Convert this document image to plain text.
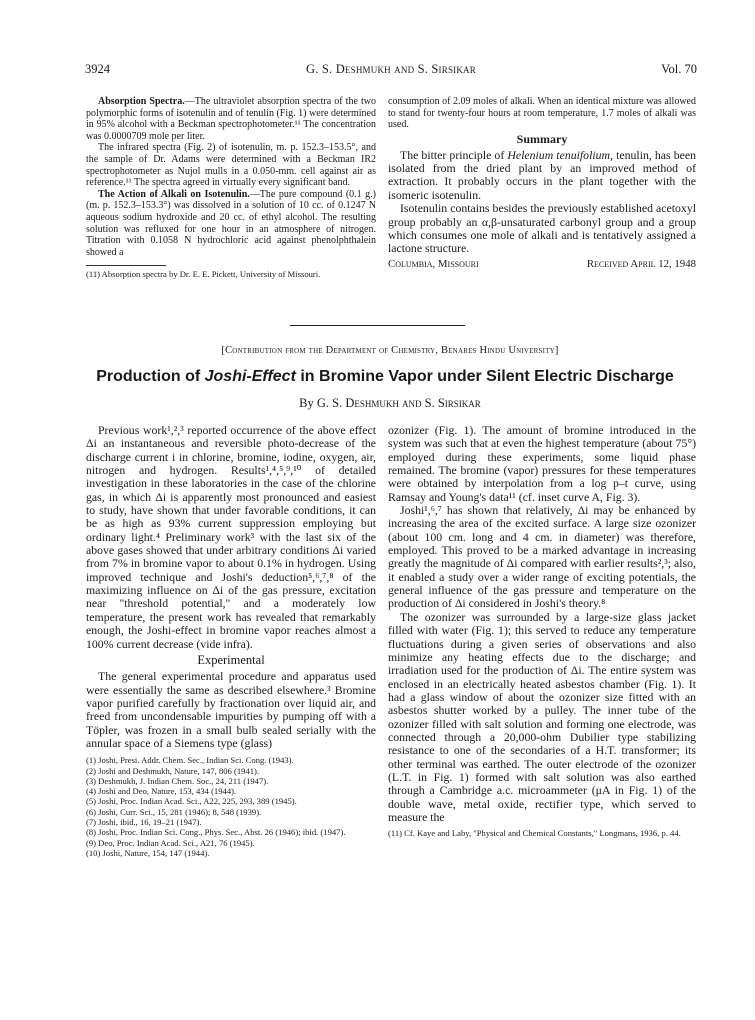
3924	G. S. Deshmukh and S. Sirsikar	Vol. 70

Absorption Spectra.—The ultraviolet absorption spectra of the two polymorphic forms of isotenulin and of tenulin (Fig. 1) were determined in 95% alcohol with a Beckman spectrophotometer.¹¹ The concentration was 0.0000709 mole per liter.

The infrared spectra (Fig. 2) of isotenulin, m. p. 152.3–153.5°, and the sample of Dr. Adams were determined with a Beckman IR2 spectrophotometer as Nujol mulls in a 0.050-mm. cell against air as reference.¹¹ The spectra agreed in virtually every significant band.

The Action of Alkali on Isotenulin.—The pure compound (0.1 g.) (m. p. 152.3–153.3°) was dissolved in a solution of 10 cc. of 0.1247 N aqueous sodium hydroxide and 20 cc. of ethyl alcohol. The resulting solution was refluxed for one hour in an atmosphere of nitrogen. Titration with 0.1058 N hydrochloric acid against phenolphthalein showed a

(11) Absorption spectra by Dr. E. E. Pickett, University of Missouri.

consumption of 2.09 moles of alkali. When an identical mixture was allowed to stand for twenty-four hours at room temperature, 1.7 moles of alkali was used.

Summary

The bitter principle of Helenium tenuifolium, tenulin, has been isolated from the dried plant by an improved method of extraction. It probably occurs in the plant together with the isomeric isotenulin.

Isotenulin contains besides the previously established acetoxyl group probably an α,β-unsaturated carbonyl group and a group which consumes one mole of alkali and is tentatively assigned a lactone structure.

Columbia, Missouri	Received April 12, 1948
[Contribution from the Department of Chemistry, Benares Hindu University]
Production of Joshi-Effect in Bromine Vapor under Silent Electric Discharge
By G. S. Deshmukh and S. Sirsikar

Previous work¹,²,³ reported occurrence of the above effect Δi an instantaneous and reversible photo-decrease of the discharge current i in chlorine, bromine, iodine, oxygen, air, nitrogen and hydrogen. Results¹,⁴,⁵,⁹,¹⁰ of detailed investigation in these laboratories in the case of the chlorine gas, in which Δi is apparently most pronounced and easiest to study, have shown that under favorable conditions, it can be as high as 93% current suppression employing but ordinary light.⁴ Preliminary work³ with the last six of the above gases showed that under arbitrary conditions Δi varied from 7% in bromine vapor to about 0.1% in hydrogen. Using improved technique and Joshi's deduction⁵,⁶,⁷,⁸ of the maximizing influence on Δi of the gas pressure, excitation near "threshold potential," and a moderately low temperature, the present work has revealed that remarkably enough, the Joshi-effect in bromine vapor reaches almost a 100% current decrease (vide infra).

Experimental

The general experimental procedure and apparatus used were essentially the same as described elsewhere.³ Bromine vapor purified carefully by fractionation over liquid air, and freed from uncondensable impurities by pumping off with a Töpler, was frozen in a small bulb sealed serially with the annular space of a Siemens type (glass)

(1) Joshi, Presi. Addr. Chem. Sec., Indian Sci. Cong. (1943).

(2) Joshi and Deshmukh, Nature, 147, 806 (1941).

(3) Deshmukh, J. Indian Chem. Soc., 24, 211 (1947).

(4) Joshi and Deo, Nature, 153, 434 (1944).

(5) Joshi, Proc. Indian Acad. Sci., A22, 225, 293, 389 (1945).

(6) Joshi, Curr. Sci., 15, 281 (1946); 8, 548 (1939).

(7) Joshi, ibid., 16, 19–21 (1947).

(8) Joshi, Proc. Indian Sci. Cong., Phys. Sec., Abst. 26 (1946); ibid. (1947).

(9) Deo, Proc. Indian Acad. Sci., A21, 76 (1945).

(10) Joshi, Nature, 154, 147 (1944).

ozonizer (Fig. 1). The amount of bromine introduced in the system was such that at even the highest temperature (about 75°) employed during these experiments, some liquid phase remained. The bromine (vapor) pressures for these temperatures were obtained by interpolation from a log p–t curve, using Ramsay and Young's data¹¹ (cf. inset curve A, Fig. 3).

Joshi¹,⁶,⁷ has shown that relatively, Δi may be enhanced by increasing the area of the excited surface. A large size ozonizer (about 100 cm. long and 4 cm. in diameter) was therefore, employed. This proved to be a marked advantage in increasing greatly the magnitude of Δi compared with earlier results²,³; also, it enabled a study over a wider range of exciting potentials, the general influence of the gas pressure and temperature on the production of Δi considered in Joshi's theory.⁸

The ozonizer was surrounded by a large-size glass jacket filled with water (Fig. 1); this served to reduce any temperature fluctuations during a given series of observations and also minimize any heating effects due to the discharge; and irradiation used for the production of Δi. The entire system was enclosed in an electrically heated asbestos chamber (Fig. 1). It had a glass window of about the ozonizer size fitted with an asbestos shutter worked by a pulley. The inner tube of the ozonizer filled with salt solution and forming one electrode, was connected through a 20,000-ohm Dubilier type stabilizing resistance to one of the secondaries of a H.T. transformer; its other terminal was earthed. The outer electrode of the ozonizer (L.T. in Fig. 1) formed with salt solution was also earthed through a Cambridge a.c. microammeter (μA in Fig. 1) of the double wave, metal oxide, rectifier type, which served to measure the

(11) Cf. Kaye and Laby, "Physical and Chemical Constants," Longmans, 1936, p. 44.
